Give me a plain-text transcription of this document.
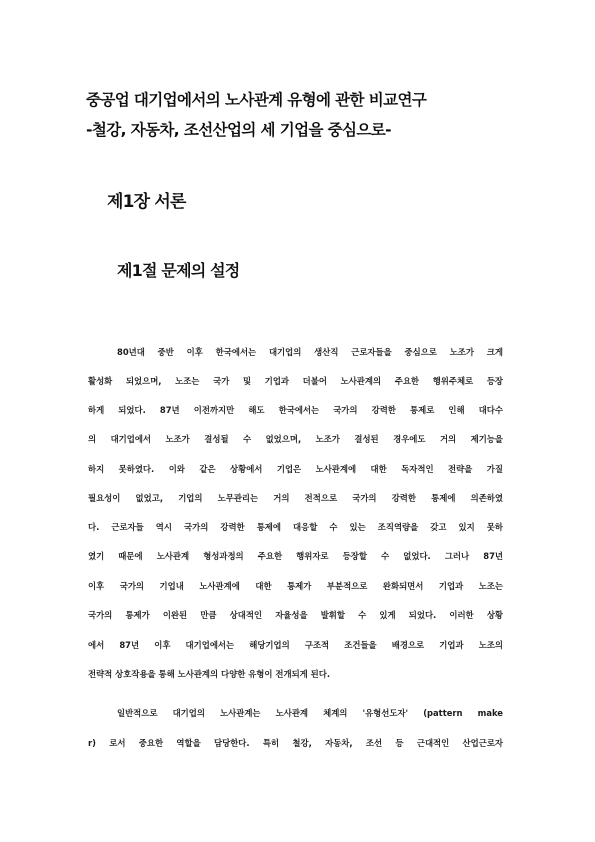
중공업 대기업에서의 노사관계 유형에 관한 비교연구
-철강, 자동차, 조선산업의 세 기업을 중심으로-
제1장 서론
제1절 문제의 설정
80년대 중반 이후 한국에서는 대기업의 생산직 근로자들을 중심으로 노조가 크게
활성화 되었으며, 노조는 국가 및 기업과 더불어 노사관계의 주요한 행위주체로 등장
하게 되었다. 87년 이전까지만 해도 한국에서는 국가의 강력한 통제로 인해 대다수
의 대기업에서 노조가 결성될 수 없었으며, 노조가 결성된 경우에도 거의 제기능을
하지 못하였다. 이와 같은 상황에서 기업은 노사관계에 대한 독자적인 전략을 가질
필요성이 없었고, 기업의 노무관리는 거의 전적으로 국가의 강력한 통제에 의존하였
다. 근로자들 역시 국가의 강력한 통제에 대응할 수 있는 조직역량을 갖고 있지 못하
였기 때문에 노사관계 형성과정의 주요한 행위자로 등장할 수 없었다. 그러나 87년
이후 국가의 기업내 노사관계에 대한 통제가 부분적으로 완화되면서 기업과 노조는
국가의 통제가 이완된 만큼 상대적인 자율성을 발휘할 수 있게 되었다. 이러한 상황
에서 87년 이후 대기업에서는 해당기업의 구조적 조건들을 배경으로 기업과 노조의
전략적 상호작용을 통해 노사관계의 다양한 유형이 전개되게 된다.
일반적으로 대기업의 노사관계는 노사관계 체계의 '유형선도자' (pattern make
r) 로서 중요한 역할을 담당한다. 특히 철강, 자동차, 조선 등 근대적인 산업근로자
